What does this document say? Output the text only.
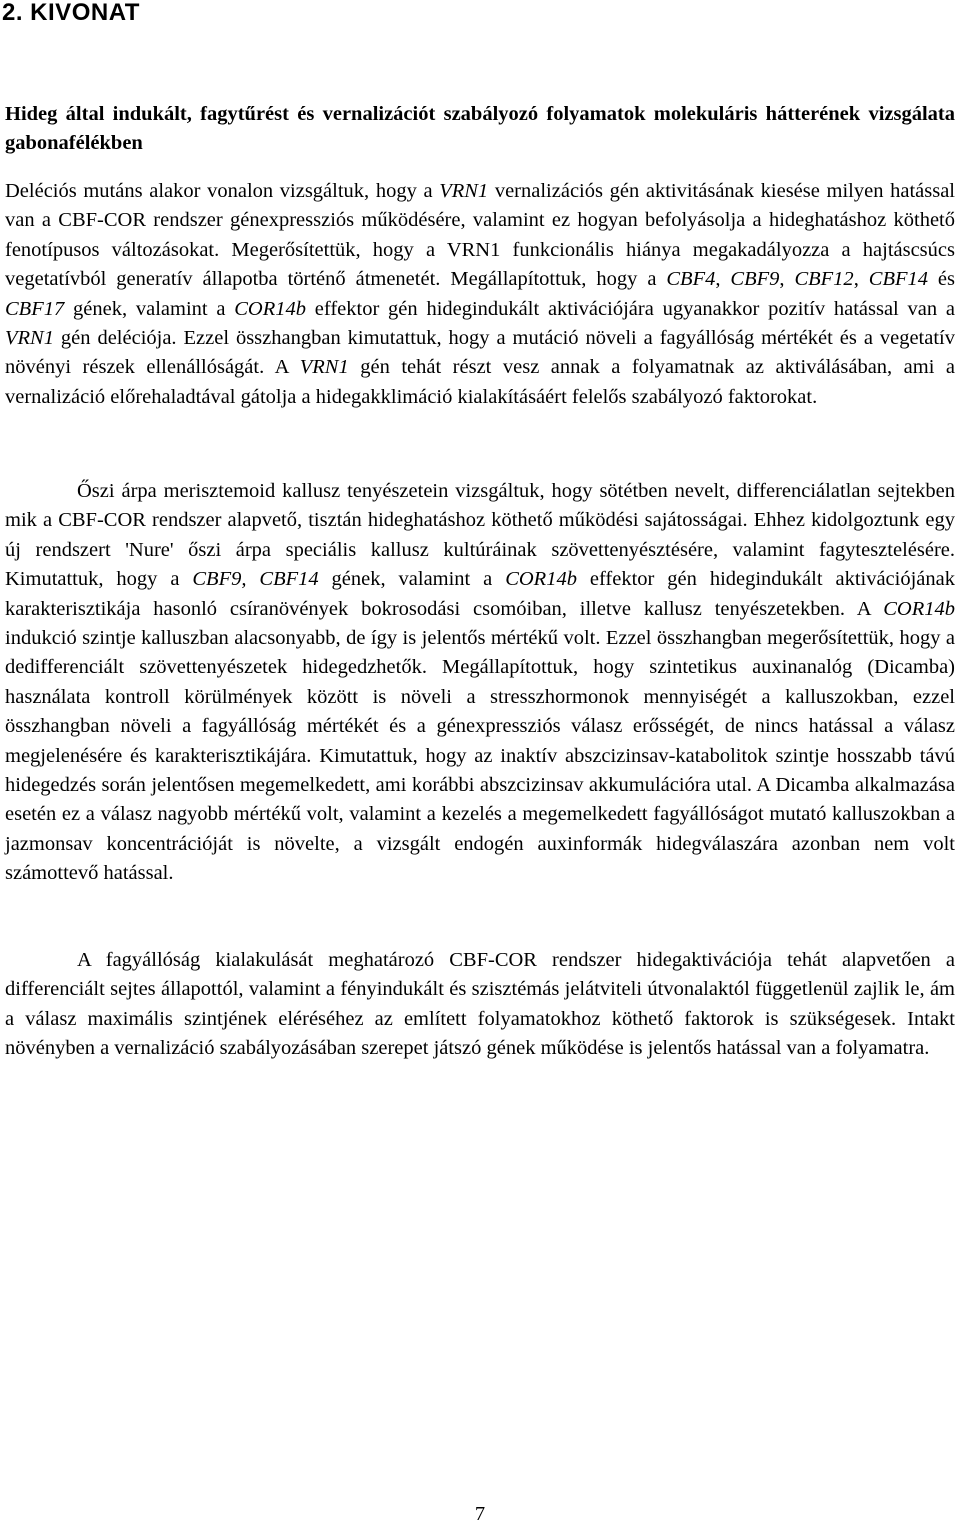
2. KIVONAT
Hideg által indukált, fagytűrést és vernalizációt szabályozó folyamatok molekuláris hátterének vizsgálata gabonafélékben

Deléciós mutáns alakor vonalon vizsgáltuk, hogy a VRN1 vernalizációs gén aktivitásának kiesése milyen hatással van a CBF-COR rendszer génexpressziós működésére, valamint ez hogyan befolyásolja a hideghatáshoz köthető fenotípusos változásokat. Megerősítettük, hogy a VRN1 funkcionális hiánya megakadályozza a hajtáscsúcs vegetatívból generatív állapotba történő átmenetét. Megállapítottuk, hogy a CBF4, CBF9, CBF12, CBF14 és CBF17 gének, valamint a COR14b effektor gén hidegindukált aktivációjára ugyanakkor pozitív hatással van a VRN1 gén deléciója. Ezzel összhangban kimutattuk, hogy a mutáció növeli a fagyállóság mértékét és a vegetatív növényi részek ellenállóságát. A VRN1 gén tehát részt vesz annak a folyamatnak az aktiválásában, ami a vernalizáció előrehaladtával gátolja a hidegakklimáció kialakításáért felelős szabályozó faktorokat.

Őszi árpa merisztemoid kallusz tenyészetein vizsgáltuk, hogy sötétben nevelt, differenciálatlan sejtekben mik a CBF-COR rendszer alapvető, tisztán hideghatáshoz köthető működési sajátosságai. Ehhez kidolgoztunk egy új rendszert 'Nure' őszi árpa speciális kallusz kultúráinak szövettenyésztésére, valamint fagytesztelésére. Kimutattuk, hogy a CBF9, CBF14 gének, valamint a COR14b effektor gén hidegindukált aktivációjának karakterisztikája hasonló csíranövények bokrosodási csomóiban, illetve kallusz tenyészetekben. A COR14b indukció szintje kalluszban alacsonyabb, de így is jelentős mértékű volt. Ezzel összhangban megerősítettük, hogy a dedifferenciált szövettenyészetek hidegedzhetők. Megállapítottuk, hogy szintetikus auxinanalóg (Dicamba) használata kontroll körülmények között is növeli a stresszhormonok mennyiségét a kalluszokban, ezzel összhangban növeli a fagyállóság mértékét és a génexpressziós válasz erősségét, de nincs hatással a válasz megjelenésére és karakterisztikájára. Kimutattuk, hogy az inaktív abszcizinsav-katabolitok szintje hosszabb távú hidegedzés során jelentősen megemelkedett, ami korábbi abszcizinsav akkumulációra utal. A Dicamba alkalmazása esetén ez a válasz nagyobb mértékű volt, valamint a kezelés a megemelkedett fagyállóságot mutató kalluszokban a jazmonsav koncentrációját is növelte, a vizsgált endogén auxinformák hidegválaszára azonban nem volt számottevő hatással.

A fagyállóság kialakulását meghatározó CBF-COR rendszer hidegaktivációja tehát alapvetően a differenciált sejtes állapottól, valamint a fényindukált és szisztémás jelátviteli útvonalaktól függetlenül zajlik le, ám a válasz maximális szintjének eléréséhez az említett folyamatokhoz köthető faktorok is szükségesek. Intakt növényben a vernalizáció szabályozásában szerepet játszó gének működése is jelentős hatással van a folyamatra.

7
